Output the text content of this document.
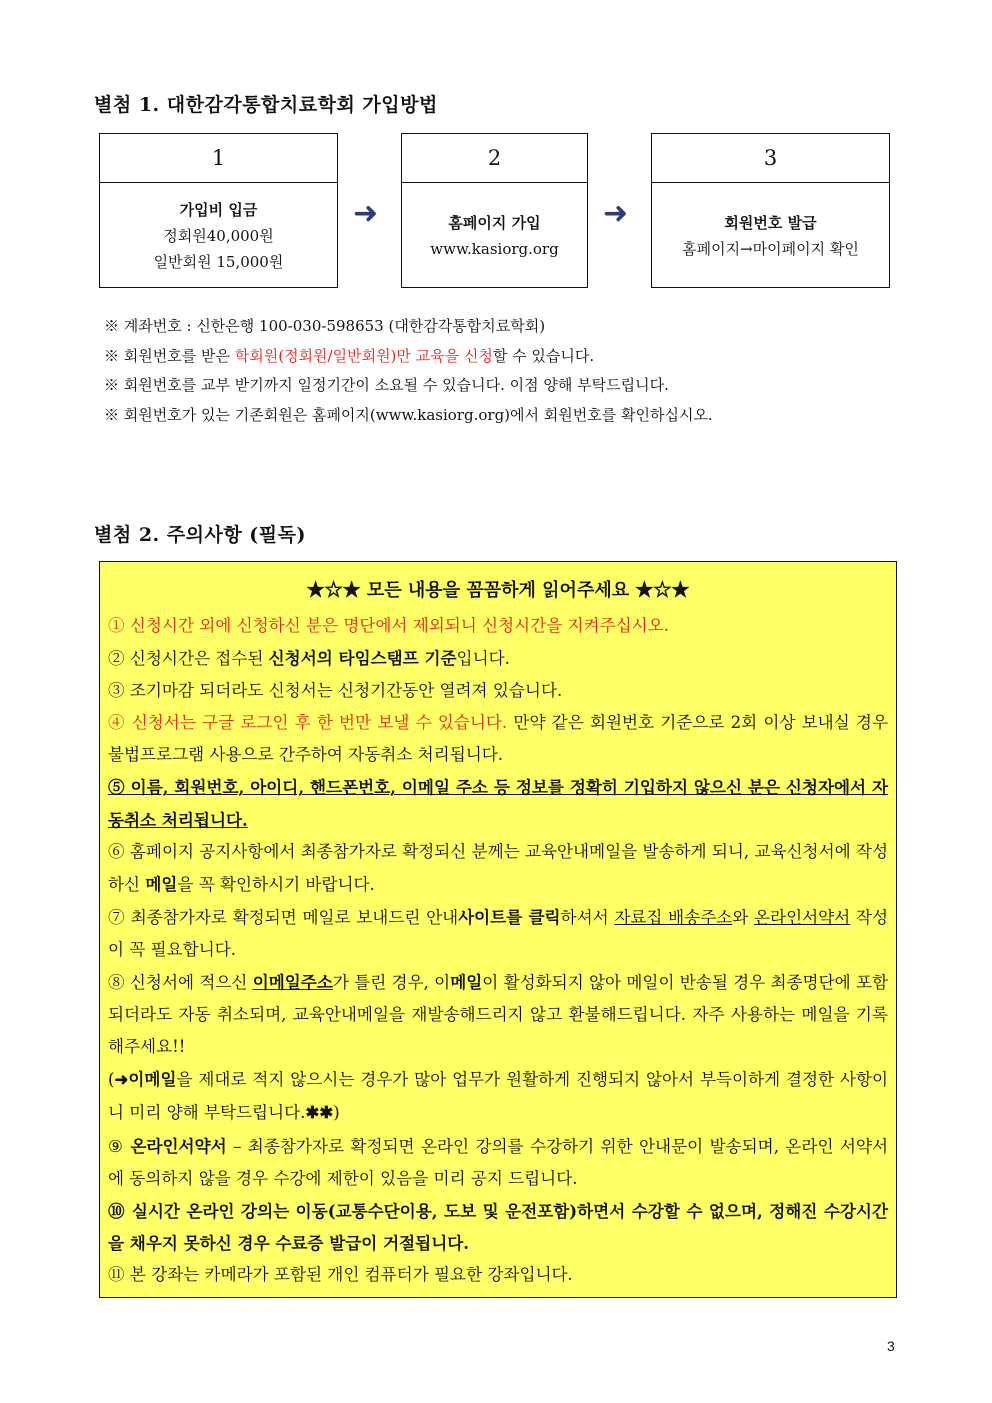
별첨 1. 대한감각통합치료학회 가입방법
1
가입비 입금
정회원40,000원
일반회원 15,000원
➜
2
홈페이지 가입
www.kasiorg.org
➜
3
회원번호 발급
홈페이지→마이페이지 확인
※ 계좌번호 : 신한은행 100-030-598653 (대한감각통합치료학회)
※ 회원번호를 받은 학회원(정회원/일반회원)만 교육을 신청할 수 있습니다.
※ 회원번호를 교부 받기까지 일정기간이 소요될 수 있습니다. 이점 양해 부탁드립니다.
※ 회원번호가 있는 기존회원은 홈페이지(www.kasiorg.org)에서 회원번호를 확인하십시오.
별첨 2. 주의사항 (필독)
★☆★ 모든 내용을 꼼꼼하게 읽어주세요 ★☆★

① 신청시간 외에 신청하신 분은 명단에서 제외되니 신청시간을 지켜주십시오.

② 신청시간은 접수된 신청서의 타임스탬프 기준입니다.

③ 조기마감 되더라도 신청서는 신청기간동안 열려져 있습니다.

④ 신청서는 구글 로그인 후 한 번만 보낼 수 있습니다. 만약 같은 회원번호 기준으로 2회 이상 보내실 경우 불법프로그램 사용으로 간주하여 자동취소 처리됩니다.

⑤ 이름, 회원번호, 아이디, 핸드폰번호, 이메일 주소 등 정보를 정확히 기입하지 않으신 분은 신청자에서 자동취소 처리됩니다.

⑥ 홈페이지 공지사항에서 최종참가자로 확정되신 분께는 교육안내메일을 발송하게 되니, 교육신청서에 작성하신 메일을 꼭 확인하시기 바랍니다.

⑦ 최종참가자로 확정되면 메일로 보내드린 안내사이트를 클릭하셔서 자료집 배송주소와 온라인서약서 작성이 꼭 필요합니다.

⑧ 신청서에 적으신 이메일주소가 틀린 경우, 이메일이 활성화되지 않아 메일이 반송될 경우 최종명단에 포함되더라도 자동 취소되며, 교육안내메일을 재발송해드리지 않고 환불해드립니다. 자주 사용하는 메일을 기록해주세요!!

(➜이메일을 제대로 적지 않으시는 경우가 많아 업무가 원활하게 진행되지 않아서 부득이하게 결정한 사항이니 미리 양해 부탁드립니다.✱✱)

⑨ 온라인서약서 – 최종참가자로 확정되면 온라인 강의를 수강하기 위한 안내문이 발송되며, 온라인 서약서에 동의하지 않을 경우 수강에 제한이 있음을 미리 공지 드립니다.

⑩ 실시간 온라인 강의는 이동(교통수단이용, 도보 및 운전포함)하면서 수강할 수 없으며, 정해진 수강시간을 채우지 못하신 경우 수료증 발급이 거절됩니다.

⑪ 본 강좌는 카메라가 포함된 개인 컴퓨터가 필요한 강좌입니다.

3
